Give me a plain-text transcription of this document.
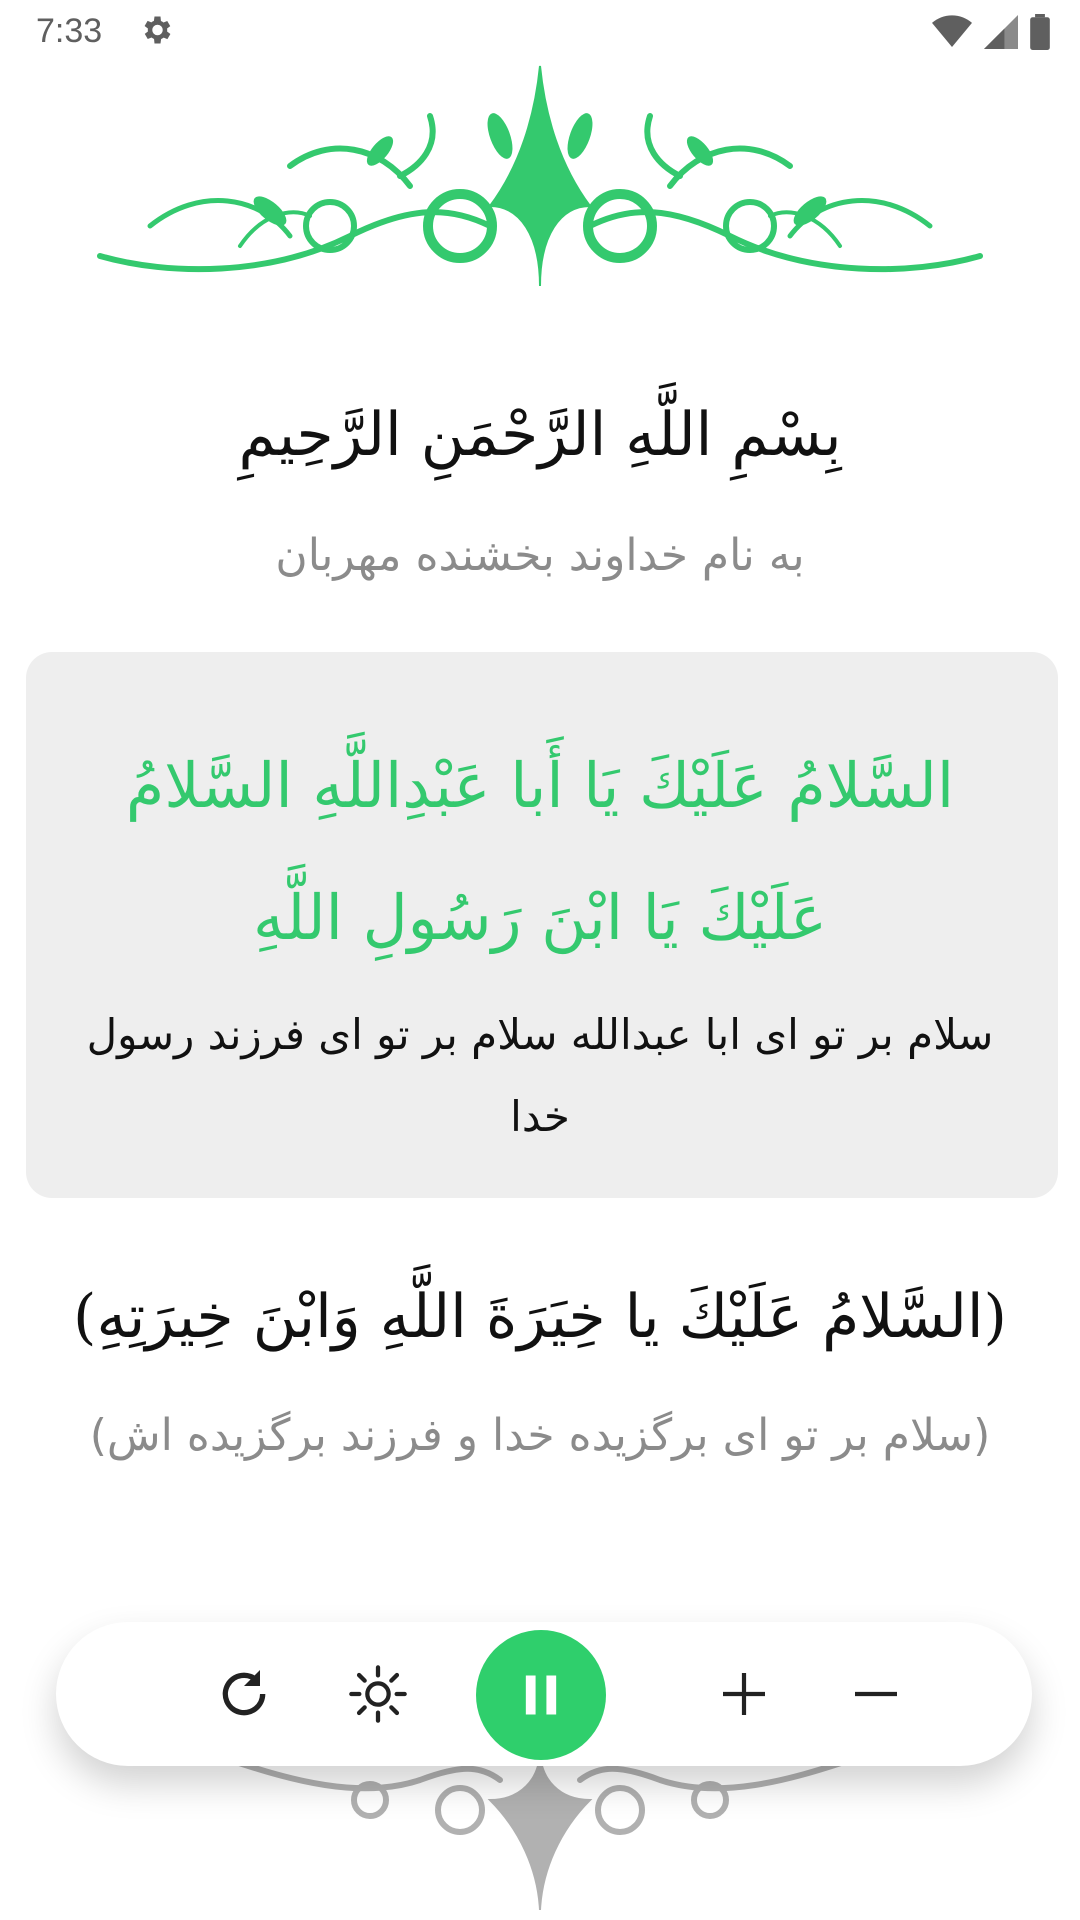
7:33
بِسْمِ اللَّهِ الرَّحْمَنِ الرَّحِيمِ
به نام خداوند بخشنده مهربان
السَّلامُ عَلَيْكَ يَا أَبا عَبْدِاللَّهِ السَّلامُ عَلَيْكَ يَا ابْنَ رَسُولِ اللَّهِ
سلام بر تو ای ابا عبدالله سلام بر تو ای فرزند رسول خدا
(السَّلامُ عَلَيْكَ يا خِيَرَةَ اللَّهِ وَابْنَ خِيرَتِهِ)
(سلام بر تو ای برگزیده خدا و فرزند برگزیده اش)
